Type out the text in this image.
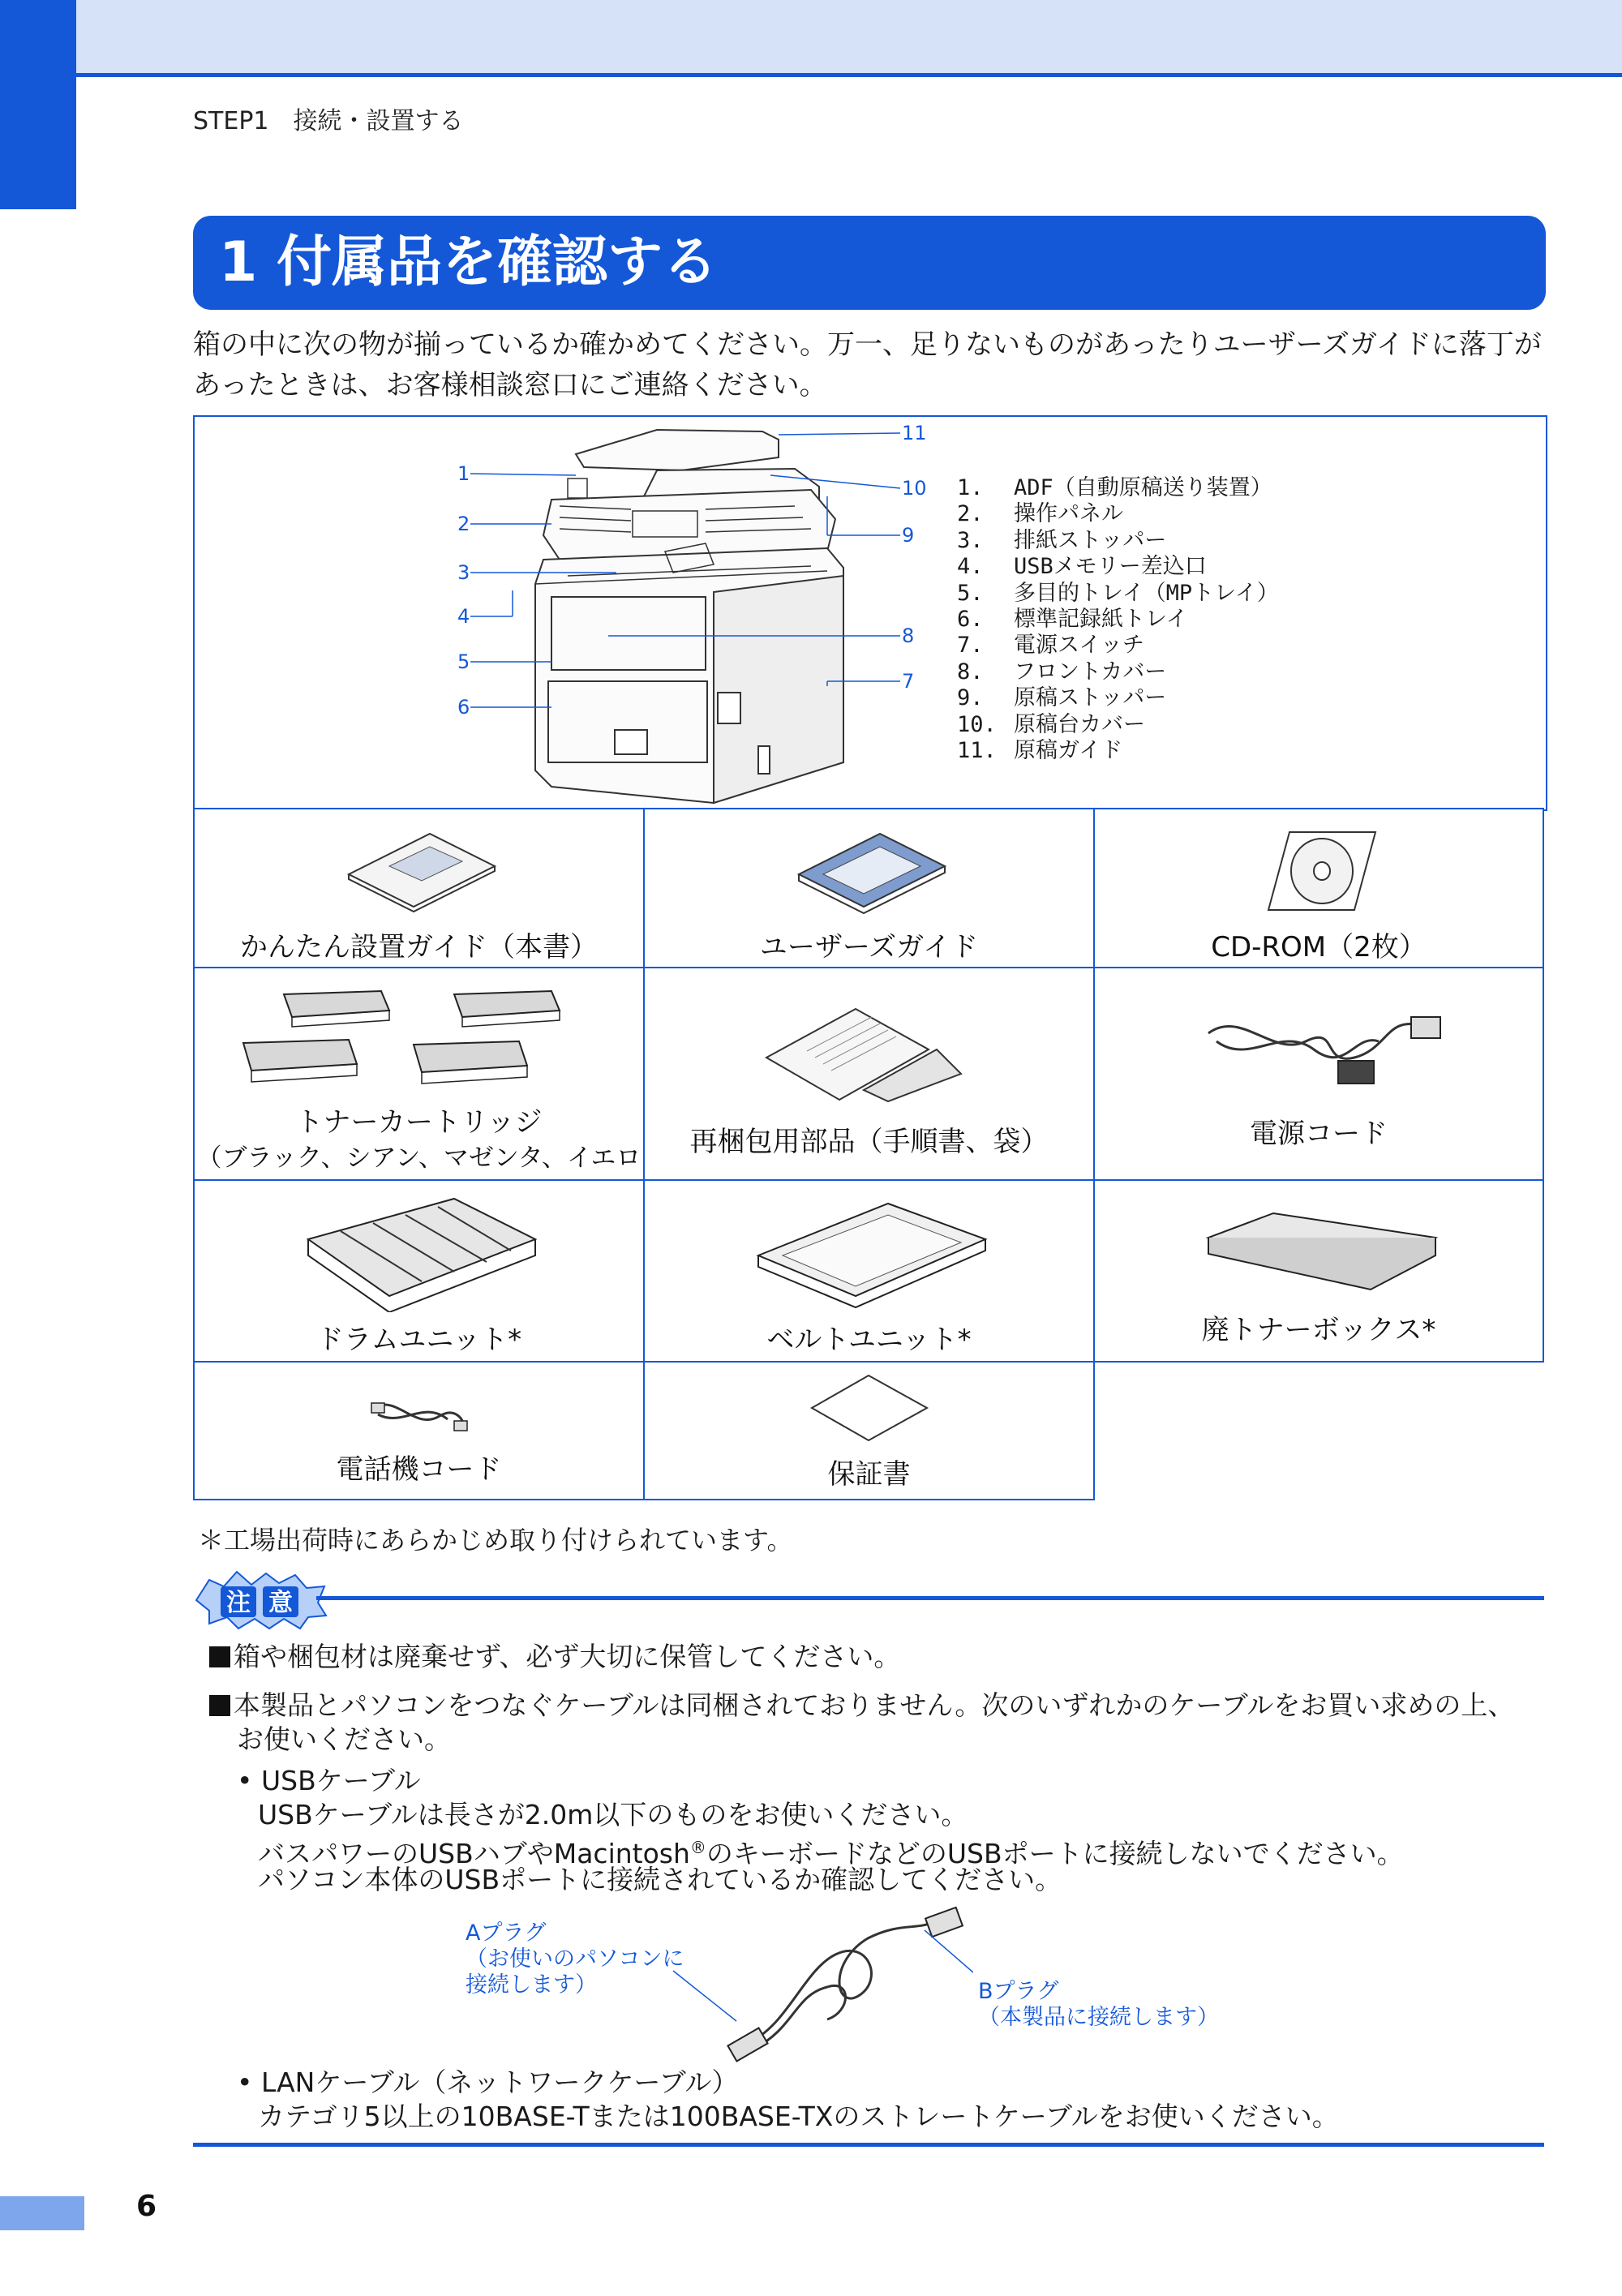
STEP1　接続・設置する
1 付属品を確認する
箱の中に次の物が揃っているか確かめてください。万一、足りないものがあったりユーザーズガイドに落丁が
あったときは、お客様相談窓口にご連絡ください。
1
2
3
4
5
6
7
8
9
10
11
1. ADF（自動原稿送り装置）
2. 操作パネル
3. 排紙ストッパー
4. USBメモリー差込口
5. 多目的トレイ（MPトレイ）
6. 標準記録紙トレイ
7. 電源スイッチ
8. フロントカバー
9. 原稿ストッパー
10. 原稿台カバー
11. 原稿ガイド
かんたん設置ガイド（本書）	ユーザーズガイド	CD-ROM（2枚）
トナーカートリッジ
（ブラック、シアン、マゼンタ、イエロ	再梱包用部品（手順書、袋）	電源コード
ドラムユニット*	ベルトユニット*	廃トナーボックス*
電話機コード	保証書
＊工場出荷時にあらかじめ取り付けられています。
注 意
箱や梱包材は廃棄せず、必ず大切に保管してください。
本製品とパソコンをつなぐケーブルは同梱されておりません。次のいずれかのケーブルをお買い求めの上、
お使いください。
• USBケーブル
USBケーブルは長さが2.0m以下のものをお使いください。
バスパワーのUSBハブやMacintosh®のキーボードなどのUSBポートに接続しないでください。
パソコン本体のUSBポートに接続されているか確認してください。
Aプラグ
（お使いのパソコンに
接続します）	Bプラグ
（本製品に接続します）
• LANケーブル（ネットワークケーブル）
カテゴリ5以上の10BASE-Tまたは100BASE-TXのストレートケーブルをお使いください。
6
